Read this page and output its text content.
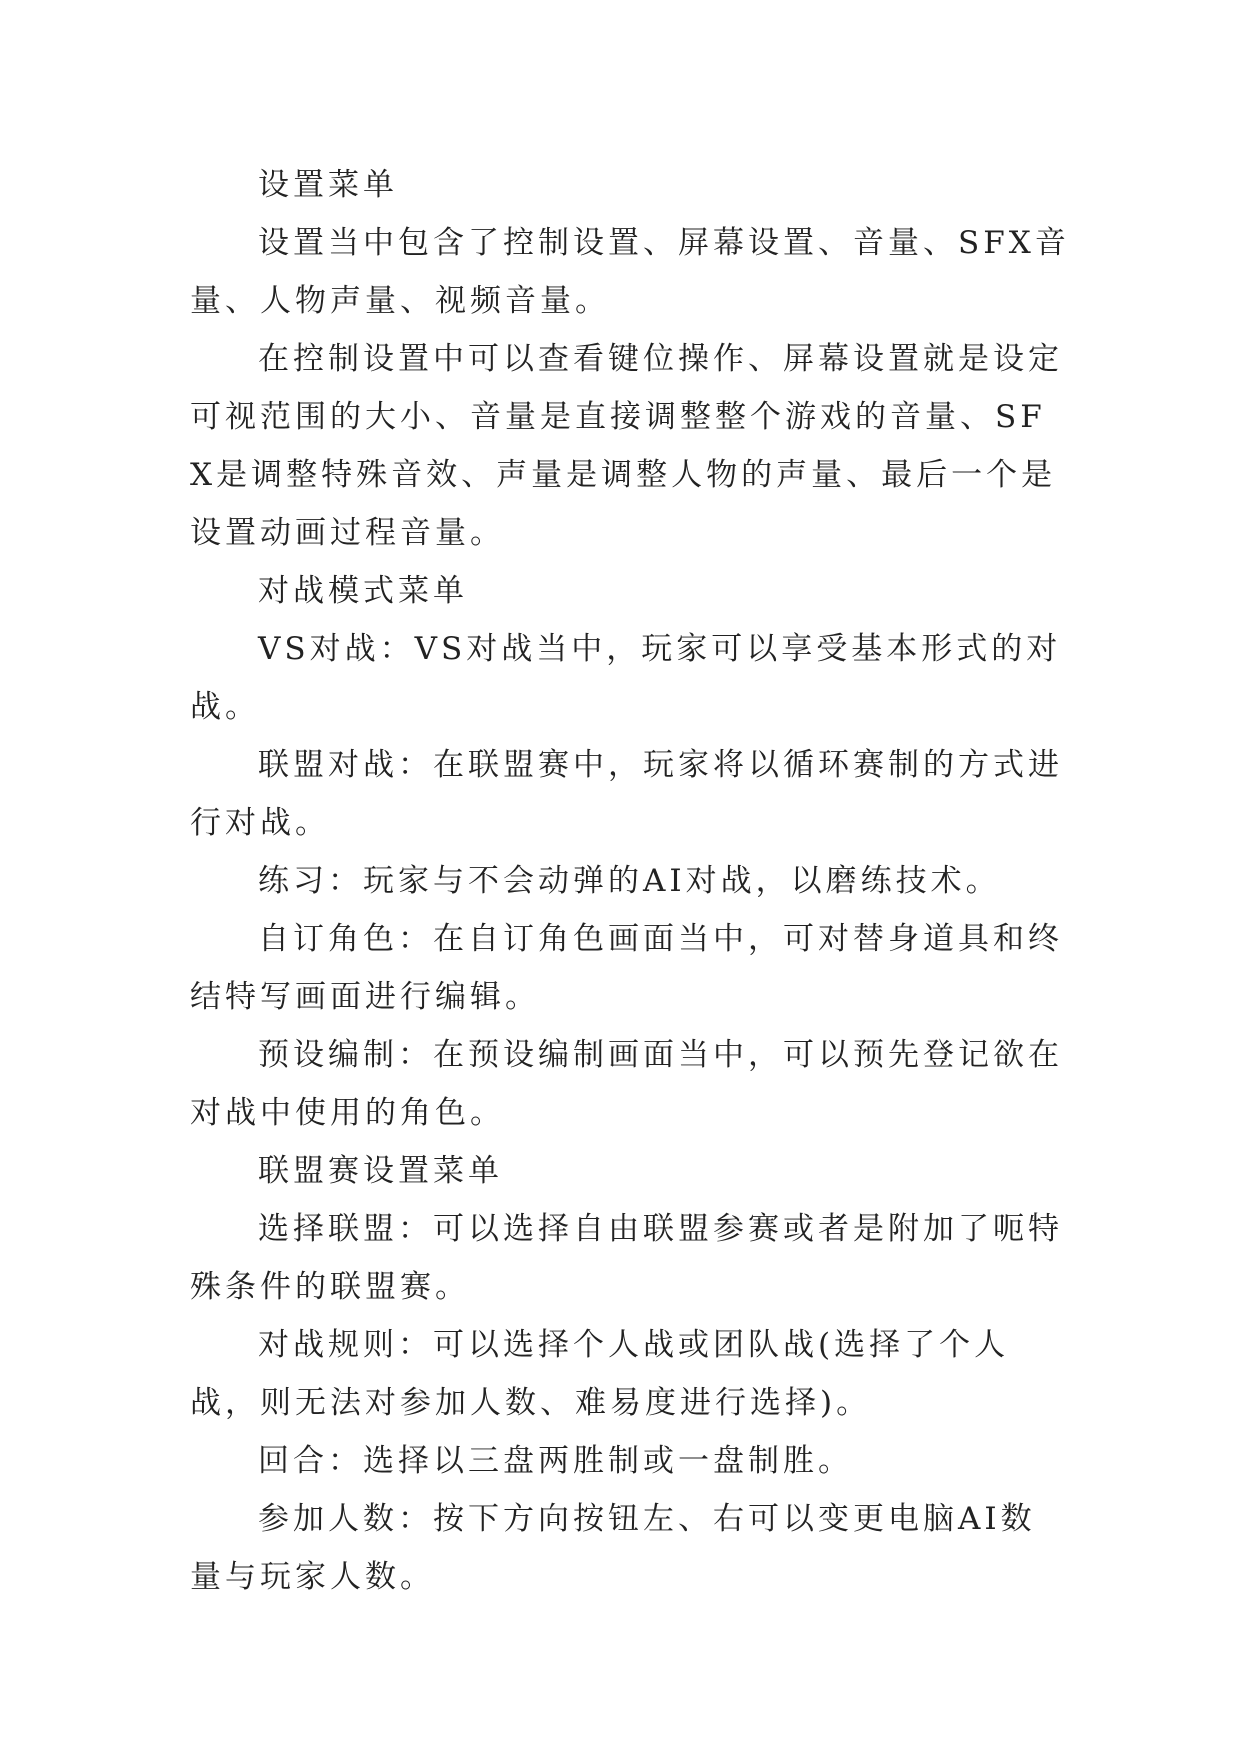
设置菜单

设置当中包含了控制设置、屏幕设置、音量、SFX音量、人物声量、视频音量。

在控制设置中可以查看键位操作、屏幕设置就是设定可视范围的大小、音量是直接调整整个游戏的音量、SFX是调整特殊音效、声量是调整人物的声量、最后一个是设置动画过程音量。

对战模式菜单

VS对战：VS对战当中，玩家可以享受基本形式的对战。

联盟对战：在联盟赛中，玩家将以循环赛制的方式进行对战。

练习：玩家与不会动弹的AI对战，以磨练技术。

自订角色：在自订角色画面当中，可对替身道具和终结特写画面进行编辑。

预设编制：在预设编制画面当中，可以预先登记欲在对战中使用的角色。

联盟赛设置菜单

选择联盟：可以选择自由联盟参赛或者是附加了呃特殊条件的联盟赛。

对战规则：可以选择个人战或团队战(选择了个人战，则无法对参加人数、难易度进行选择)。

回合：选择以三盘两胜制或一盘制胜。

参加人数：按下方向按钮左、右可以变更电脑AI数量与玩家人数。
